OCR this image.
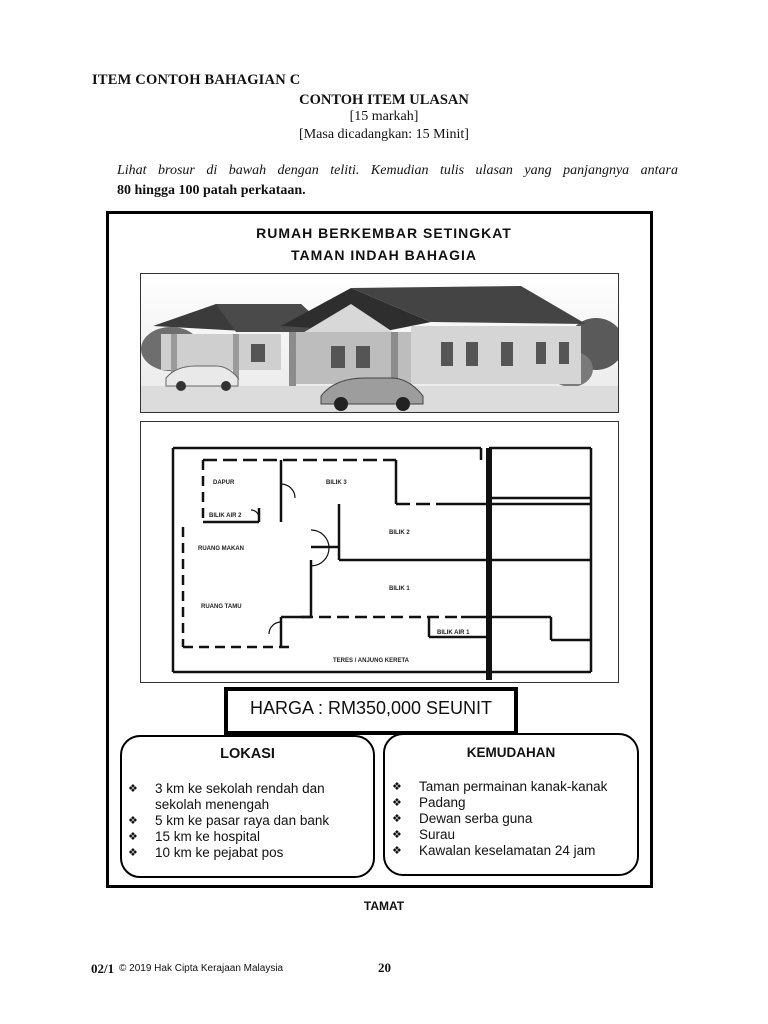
ITEM CONTOH BAHAGIAN C
CONTOH ITEM ULASAN
[15 markah]
[Masa dicadangkan: 15 Minit]
Lihat brosur di bawah dengan teliti. Kemudian tulis ulasan yang panjangnya antara
80 hingga 100 patah perkataan.
RUMAH BERKEMBAR SETINGKAT
TAMAN INDAH BAHAGIA
DAPUR	BILIK 3
BILIK AIR 2
BILIK 2
RUANG MAKAN
BILIK 1
RUANG TAMU
BILIK AIR 1
TERES / ANJUNG KERETA
HARGA : RM350,000 SEUNIT
LOKASI
❖ 3 km ke sekolah rendah dan sekolah menengah
❖ 5 km ke pasar raya dan bank
❖ 15 km ke hospital
❖ 10 km ke pejabat pos
KEMUDAHAN
❖ Taman permainan kanak-kanak
❖ Padang
❖ Dewan serba guna
❖ Surau
❖ Kawalan keselamatan 24 jam
TAMAT
02/1 © 2019 Hak Cipta Kerajaan Malaysia	20
